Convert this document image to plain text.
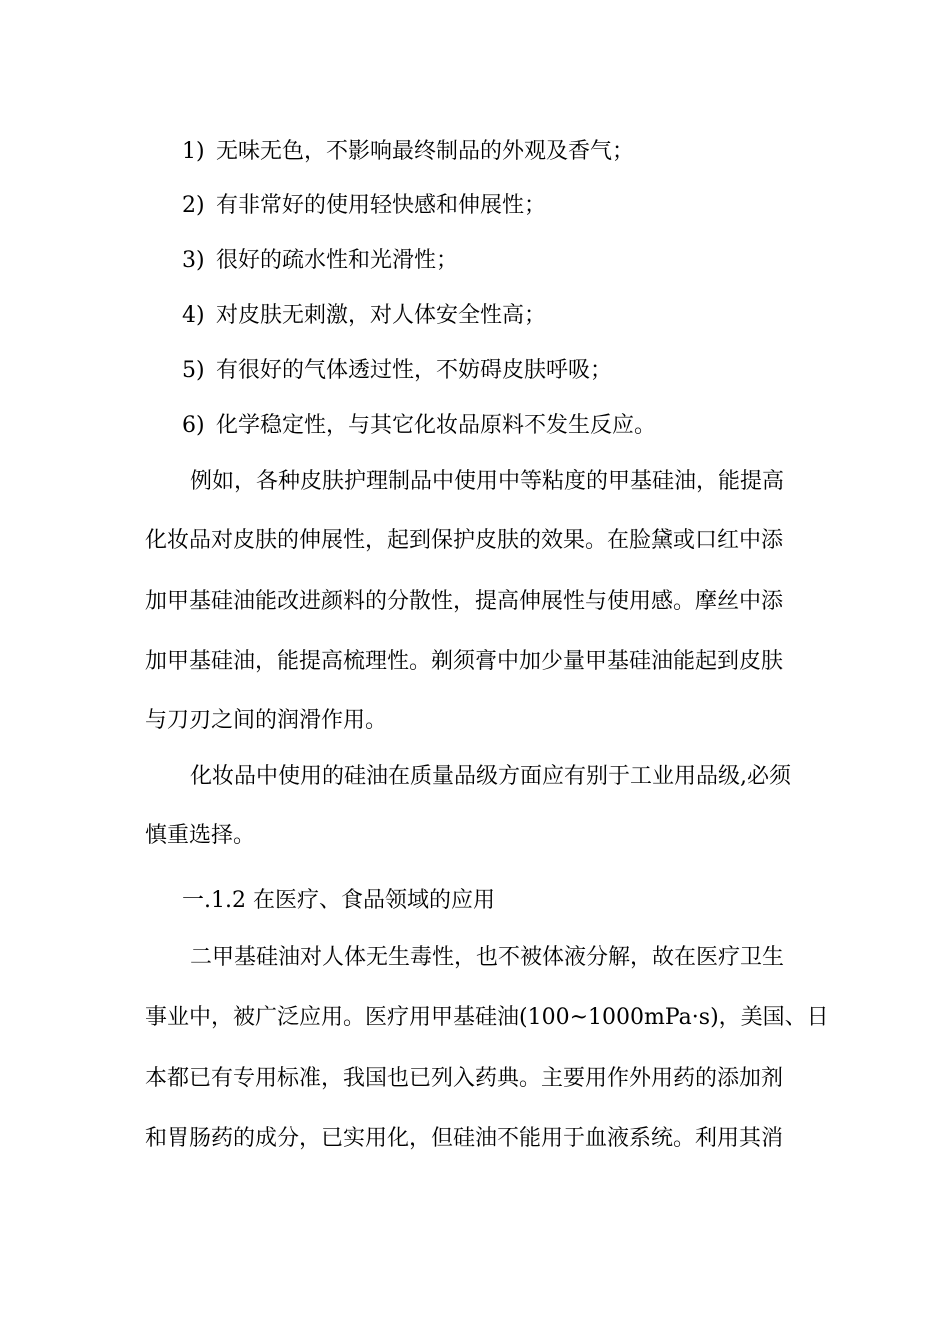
1) 无味无色，不影响最终制品的外观及香气；
2) 有非常好的使用轻快感和伸展性；
3) 很好的疏水性和光滑性；
4) 对皮肤无刺激，对人体安全性高；
5) 有很好的气体透过性，不妨碍皮肤呼吸；
6) 化学稳定性，与其它化妆品原料不发生反应。
例如，各种皮肤护理制品中使用中等粘度的甲基硅油，能提高
化妆品对皮肤的伸展性，起到保护皮肤的效果。在脸黛或口红中添
加甲基硅油能改进颜料的分散性，提高伸展性与使用感。摩丝中添
加甲基硅油，能提高梳理性。剃须膏中加少量甲基硅油能起到皮肤
与刀刃之间的润滑作用。
化妆品中使用的硅油在质量品级方面应有别于工业用品级,必须
慎重选择。
一.1.2 在医疗、食品领域的应用
二甲基硅油对人体无生毒性，也不被体液分解，故在医疗卫生
事业中，被广泛应用。医疗用甲基硅油(100~1000mPa·s)，美国、日
本都已有专用标准，我国也已列入药典。主要用作外用药的添加剂
和胃肠药的成分，已实用化，但硅油不能用于血液系统。利用其消
